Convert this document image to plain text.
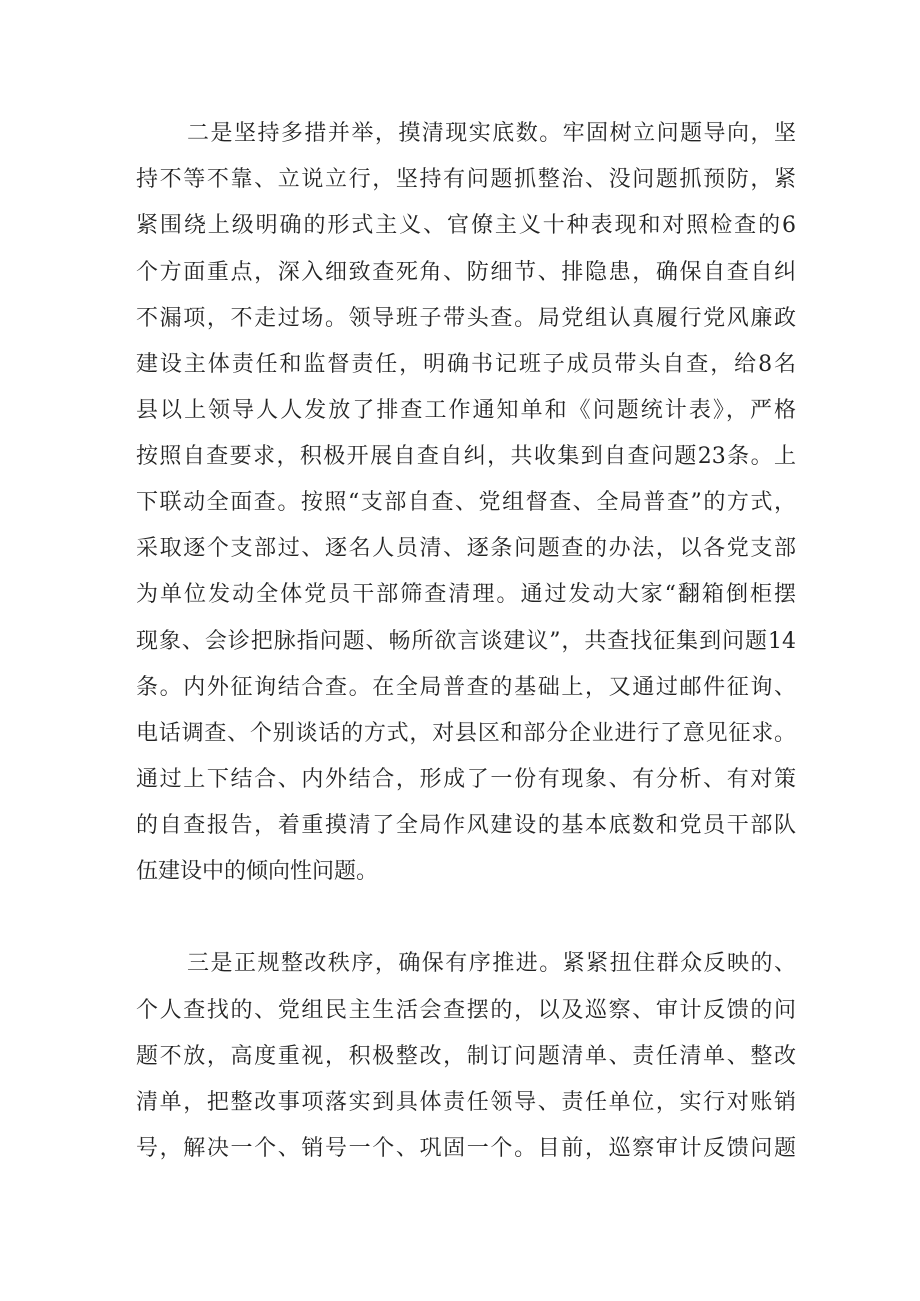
二是坚持多措并举，摸清现实底数。牢固树立问题导向，坚
持不等不靠、立说立行，坚持有问题抓整治、没问题抓预防，紧
紧围绕上级明确的形式主义、官僚主义十种表现和对照检查的6
个方面重点，深入细致查死角、防细节、排隐患，确保自查自纠
不漏项，不走过场。领导班子带头查。局党组认真履行党风廉政
建设主体责任和监督责任，明确书记班子成员带头自查，给8名
县以上领导人人发放了排查工作通知单和《问题统计表》，严格
按照自查要求，积极开展自查自纠，共收集到自查问题23条。上
下联动全面查。按照“支部自查、党组督查、全局普查”的方式，
采取逐个支部过、逐名人员清、逐条问题查的办法，以各党支部
为单位发动全体党员干部筛查清理。通过发动大家“翻箱倒柜摆
现象、会诊把脉指问题、畅所欲言谈建议”，共查找征集到问题14
条。内外征询结合查。在全局普查的基础上，又通过邮件征询、
电话调查、个别谈话的方式，对县区和部分企业进行了意见征求。
通过上下结合、内外结合，形成了一份有现象、有分析、有对策
的自查报告，着重摸清了全局作风建设的基本底数和党员干部队
伍建设中的倾向性问题。
三是正规整改秩序，确保有序推进。紧紧扭住群众反映的、
个人查找的、党组民主生活会查摆的，以及巡察、审计反馈的问
题不放，高度重视，积极整改，制订问题清单、责任清单、整改
清单，把整改事项落实到具体责任领导、责任单位，实行对账销
号，解决一个、销号一个、巩固一个。目前，巡察审计反馈问题
